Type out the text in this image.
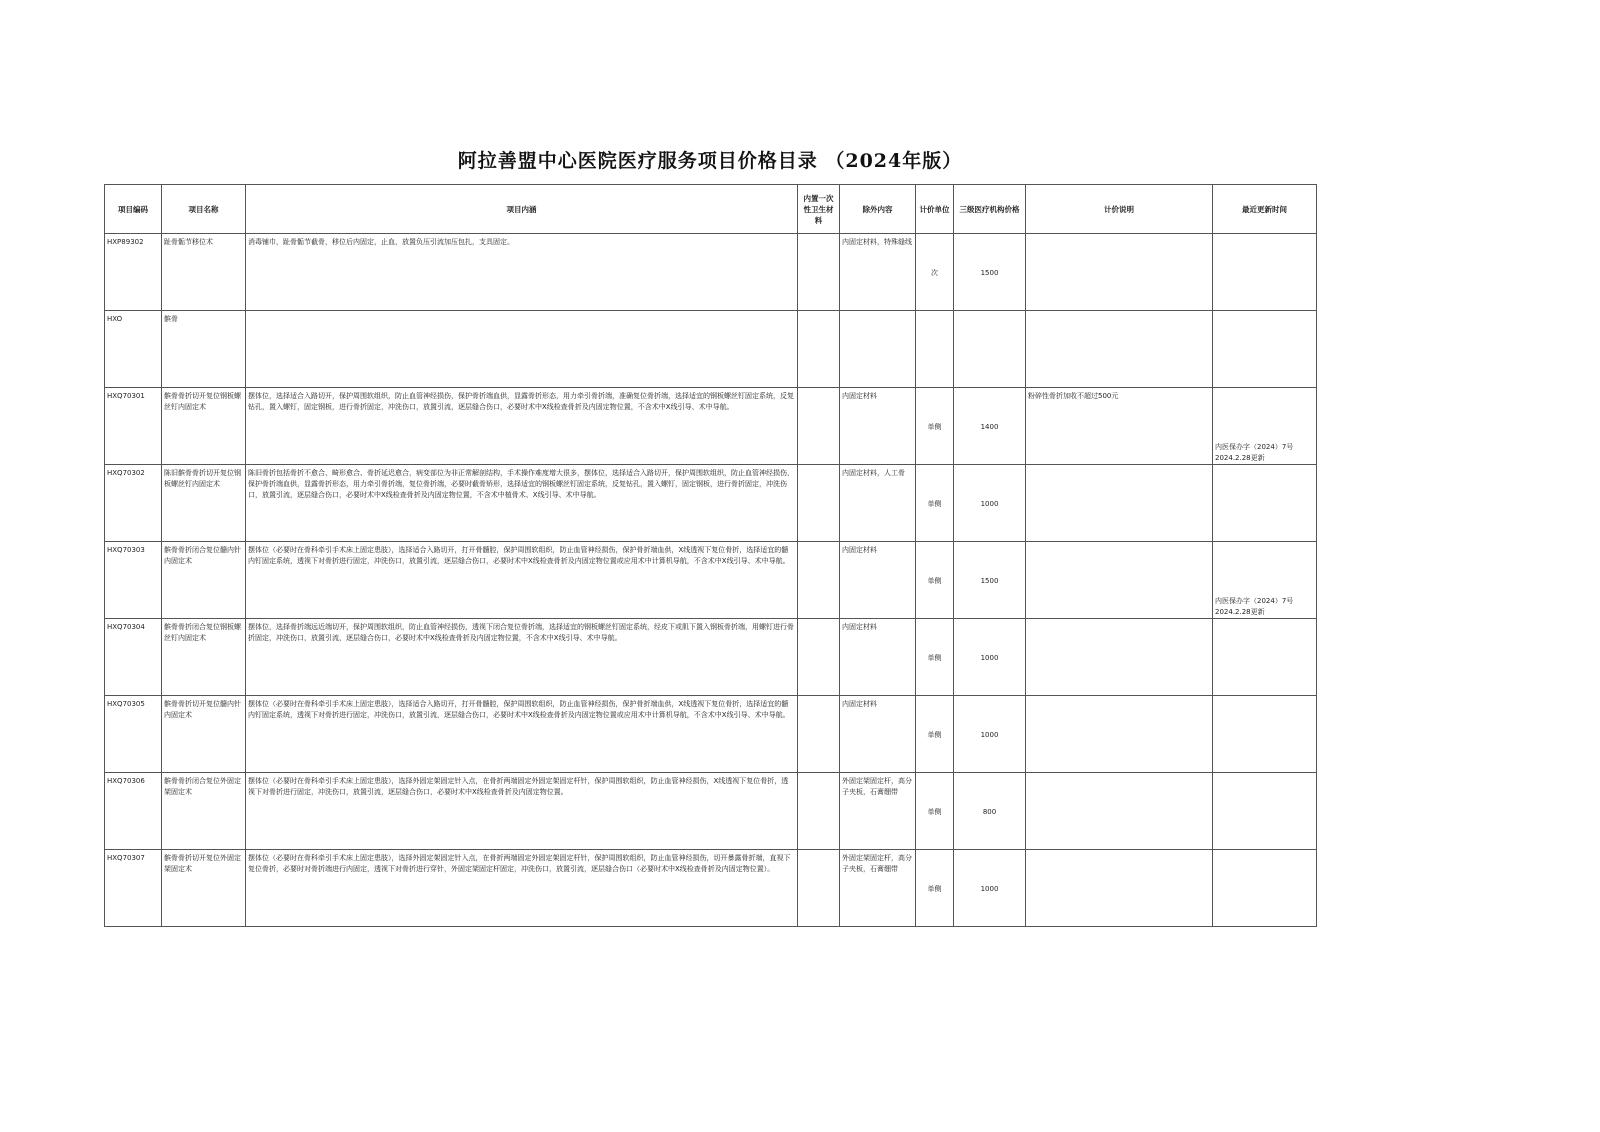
阿拉善盟中心医院医疗服务项目价格目录 （2024年版）
项目编码	项目名称	项目内涵	内置一次性卫生材料	除外内容	计价单位	三级医疗机构价格	计价说明	最近更新时间
HXP89302	趾骨骺节移位术	消毒铺巾，趾骨骺节截骨，移位后内固定，止血，放置负压引流加压包扎，支具固定。		内固定材料，特殊缝线	次	1500		
HXO	髌骨							
HXQ70301	髌骨骨折切开复位钢板螺丝钉内固定术	摆体位，选择适合入路切开，保护周围软组织，防止血管神经损伤，保护骨折端血供，显露骨折形态，用力牵引骨折端，准确复位骨折端，选择适宜的钢板螺丝钉固定系统，反复钻孔，置入螺钉，固定钢板，进行骨折固定，冲洗伤口，放置引流，逐层缝合伤口，必要时术中X线检查骨折及内固定物位置，不含术中X线引导、术中导航。		内固定材料	单侧	1400	粉碎性骨折加收不超过500元	内医保办字（2024）7号 2024.2.28更新
HXQ70302	陈旧髌骨骨折切开复位钢板螺丝钉内固定术	陈旧骨折包括骨折不愈合、畸形愈合、骨折延迟愈合，病变部位为非正常解剖结构，手术操作难度增大很多，摆体位，选择适合入路切开，保护周围软组织，防止血管神经损伤，保护骨折端血供，显露骨折形态，用力牵引骨折端，复位骨折端，必要时截骨矫形，选择适宜的钢板螺丝钉固定系统，反复钻孔，置入螺钉，固定钢板，进行骨折固定，冲洗伤口，放置引流，逐层缝合伤口，必要时术中X线检查骨折及内固定物位置，不含术中植骨术、X线引导、术中导航。		内固定材料，人工骨	单侧	1000		
HXQ70303	髌骨骨折闭合复位髓内针内固定术	摆体位（必要时在骨科牵引手术床上固定患肢），选择适合入路切开，打开骨髓腔，保护周围软组织，防止血管神经损伤，保护骨折端血供，X线透视下复位骨折，选择适宜的髓内钉固定系统，透视下对骨折进行固定，冲洗伤口，放置引流，逐层缝合伤口，必要时术中X线检查骨折及内固定物位置或应用术中计算机导航，不含术中X线引导、术中导航。		内固定材料	单侧	1500		内医保办字（2024）7号 2024.2.28更新
HXQ70304	髌骨骨折闭合复位钢板螺丝钉内固定术	摆体位，选择骨折端远近端切开，保护周围软组织，防止血管神经损伤，透视下闭合复位骨折端，选择适宜的钢板螺丝钉固定系统，经皮下或肌下置入钢板骨折端，用螺钉进行骨折固定，冲洗伤口，放置引流，逐层缝合伤口，必要时术中X线检查骨折及内固定物位置，不含术中X线引导、术中导航。		内固定材料	单侧	1000		
HXQ70305	髌骨骨折切开复位髓内针内固定术	摆体位（必要时在骨科牵引手术床上固定患肢），选择适合入路切开，打开骨髓腔，保护周围软组织，防止血管神经损伤，保护骨折端血供，X线透视下复位骨折，选择适宜的髓内钉固定系统，透视下对骨折进行固定，冲洗伤口，放置引流，逐层缝合伤口，必要时术中X线检查骨折及内固定物位置或应用术中计算机导航，不含术中X线引导、术中导航。		内固定材料	单侧	1000		
HXQ70306	髌骨骨折闭合复位外固定架固定术	摆体位（必要时在骨科牵引手术床上固定患肢），选择外固定架固定针入点，在骨折两端固定外固定架固定杆针，保护周围软组织，防止血管神经损伤，X线透视下复位骨折，透视下对骨折进行固定，冲洗伤口，放置引流，逐层缝合伤口，必要时术中X线检查骨折及内固定物位置。		外固定架固定杆，高分子夹板，石膏绷带	单侧	800		
HXQ70307	髌骨骨折切开复位外固定架固定术	摆体位（必要时在骨科牵引手术床上固定患肢），选择外固定架固定针入点，在骨折两端固定外固定架固定杆针，保护周围软组织，防止血管神经损伤，切开暴露骨折端，直视下复位骨折，必要时对骨折端进行内固定，透视下对骨折进行穿针，外固定架固定杆固定，冲洗伤口，放置引流，逐层缝合伤口（必要时术中X线检查骨折及内固定物位置）。		外固定架固定杆，高分子夹板，石膏绷带	单侧	1000		
